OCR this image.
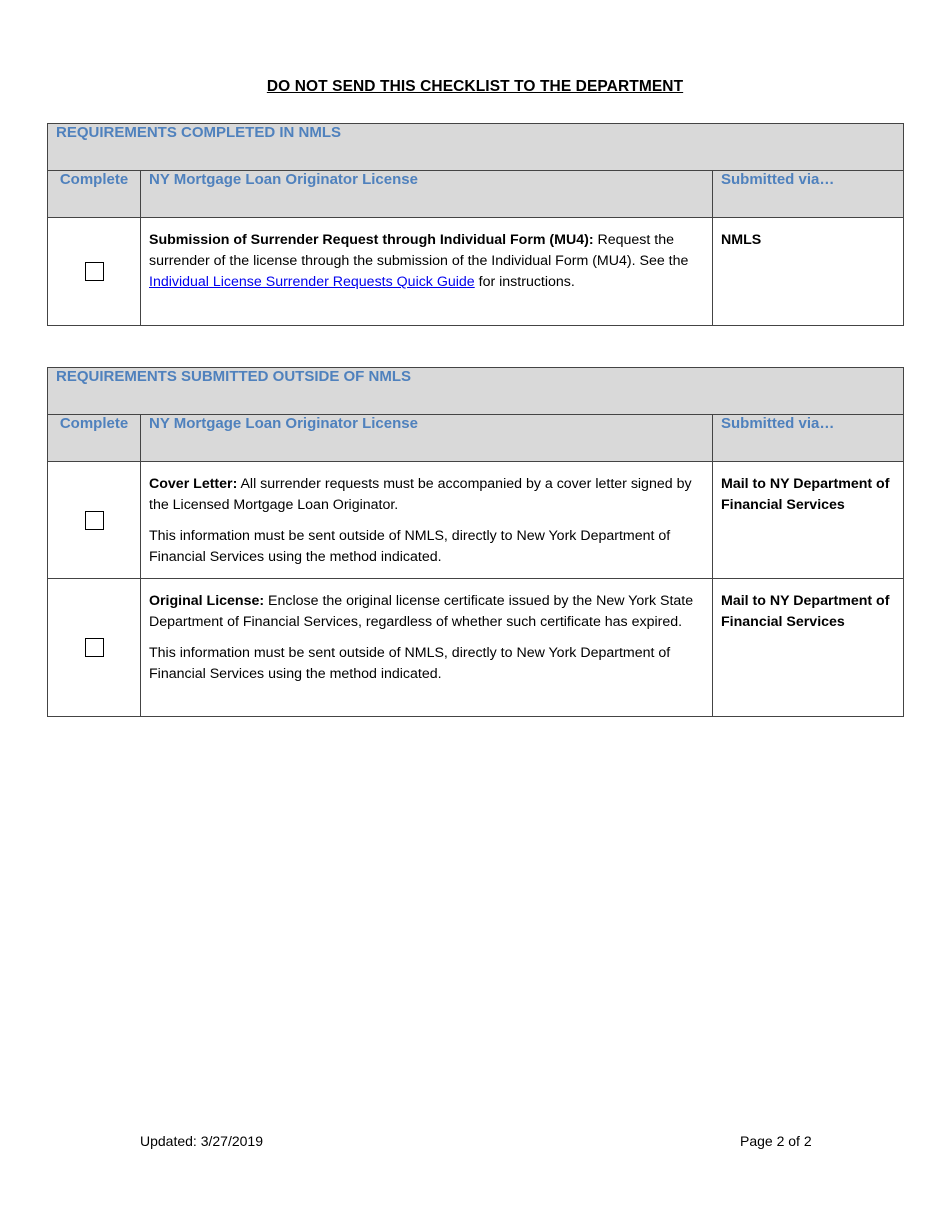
DO NOT SEND THIS CHECKLIST TO THE DEPARTMENT
REQUIREMENTS COMPLETED IN NMLS		
Complete	NY Mortgage Loan Originator License	Submitted via…

	Submission of Surrender Request through Individual Form (MU4): Request the surrender of the license through the submission of the Individual Form (MU4). See the Individual License Surrender Requests Quick Guide for instructions.	NMLS
REQUIREMENTS SUBMITTED OUTSIDE OF NMLS		
Complete	NY Mortgage Loan Originator License	Submitted via…

	Cover Letter: All surrender requests must be accompanied by a cover letter signed by the Licensed Mortgage Loan Originator.

This information must be sent outside of NMLS, directly to New York Department of Financial Services using the method indicated.	Mail to NY Department of Financial Services

	Original License: Enclose the original license certificate issued by the New York State Department of Financial Services, regardless of whether such certificate has expired.

This information must be sent outside of NMLS, directly to New York Department of Financial Services using the method indicated.	Mail to NY Department of Financial Services
Updated: 3/27/2019	Page 2 of 2
